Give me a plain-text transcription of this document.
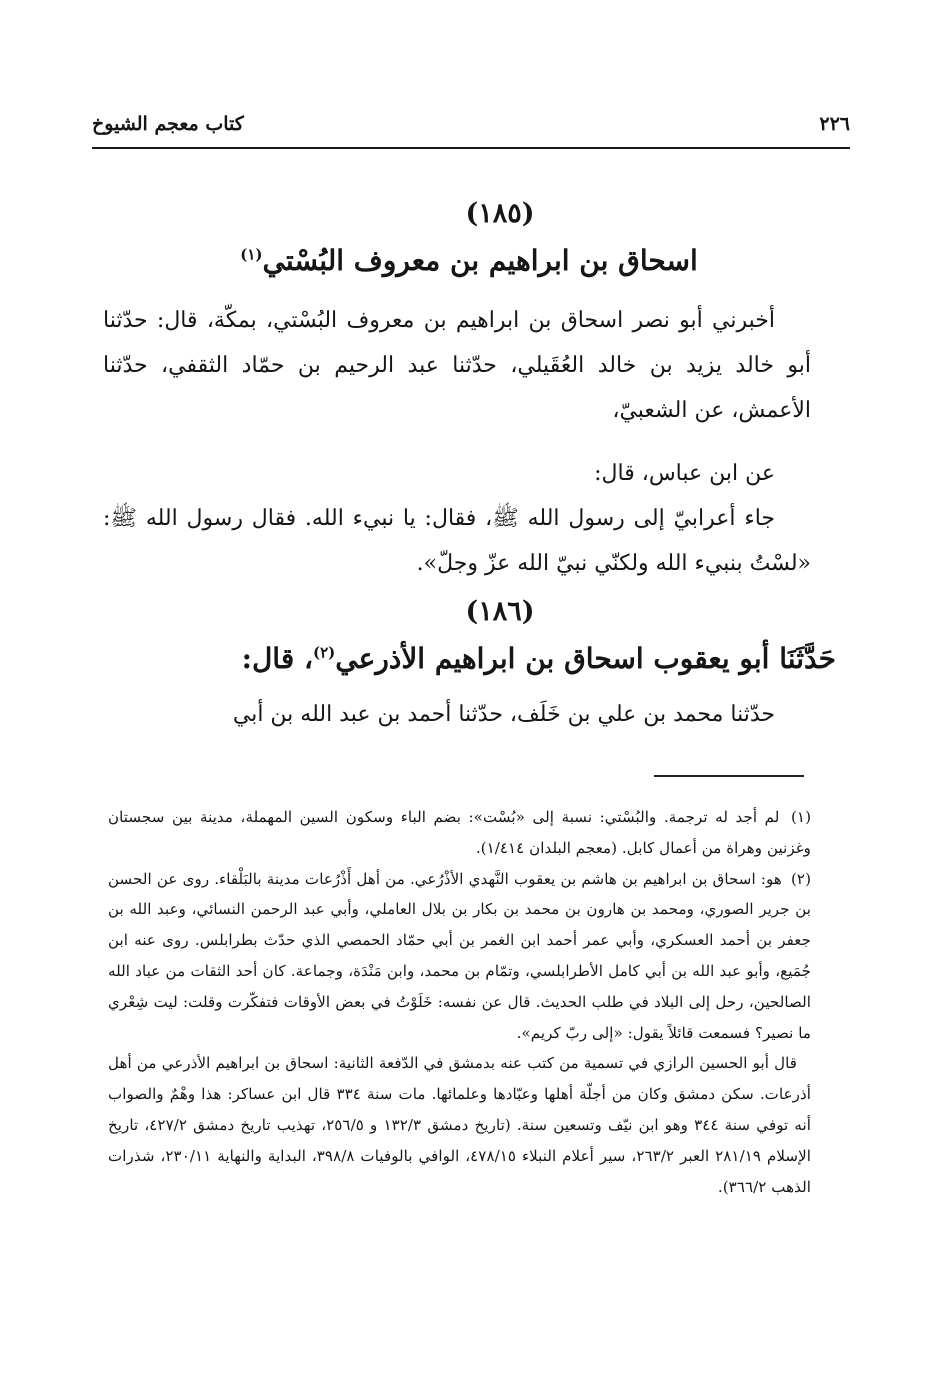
٢٢٦
كتاب معجم الشيوخ
(١٨٥)
اسحاق بن ابراهيم بن معروف البُسْتي$^{(١)}$

أخبرني أبو نصر اسحاق بن ابراهيم بن معروف البُسْتي، بمكّة، قال: حدّثنا أبو خالد يزيد بن خالد العُقَيلي، حدّثنا عبد الرحيم بن حمّاد الثقفي، حدّثنا الأعمش، عن الشعبيّ،

عن ابن عباس، قال:

جاء أعرابيّ إلى رسول الله ﷺ، فقال: يا نبيء الله. فقال رسول الله ﷺ: «لسْتُ بنبيء الله ولكنّي نبيّ الله عزّ وجلّ».

(١٨٦)
حَدَّثَنَا أبو يعقوب اسحاق بن ابراهيم الأذرعي$^{(٢)}$، قال:

حدّثنا محمد بن علي بن خَلَف، حدّثنا أحمد بن عبد الله بن أبي

(١) لم أجد له ترجمة. والبُسْتي: نسبة إلى «بُسْت»: بضم الباء وسكون السين المهملة، مدينة بين سجستان وغزنين وهراة من أعمال كابل. (معجم البلدان ١/٤١٤).

(٢) هو: اسحاق بن ابراهيم بن هاشم بن يعقوب النَّهدي الأذْرُعي. من أهل أَذْرُعات مدينة بالبَلْقاء. روى عن الحسن بن جرير الصوري، ومحمد بن هارون بن محمد بن بكار بن بلال العاملي، وأبي عبد الرحمن النسائي، وعبد الله بن جعفر بن أحمد العسكري، وأبي عمر أحمد ابن الغمر بن أبي حمّاد الحمصي الذي حدّث بطرابلس. روى عنه ابن جُمَيع، وأبو عبد الله بن أبي كامل الأطرابلسي، وتمّام بن محمد، وابن مَنْدَة، وجماعة. كان أحد الثقات من عباد الله الصالحين، رحل إلى البلاد في طلب الحديث. قال عن نفسه: خَلَوْتُ في بعض الأوقات فتفكّرت وقلت: ليت شِعْري ما نصير؟ فسمعت قائلاً يقول: «إلى ربّ كريم».

قال أبو الحسين الرازي في تسمية من كتب عنه بدمشق في الدّفعة الثانية: اسحاق بن ابراهيم الأذرعي من أهل أذرعات. سكن دمشق وكان من أجلّة أهلها وعبّادها وعلمائها. مات سنة ٣٣٤ قال ابن عساكر: هذا وهْمٌ والصواب أنه توفي سنة ٣٤٤ وهو ابن نيّف وتسعين سنة. (تاريخ دمشق ١٣٢/٣ و ٢٥٦/٥، تهذيب تاريخ دمشق ٤٢٧/٢، تاريخ الإسلام ٢٨١/١٩ العبر ٢٦٣/٢، سير أعلام النبلاء ٤٧٨/١٥، الوافي بالوفيات ٣٩٨/٨، البداية والنهاية ٢٣٠/١١، شذرات الذهب ٣٦٦/٢).
